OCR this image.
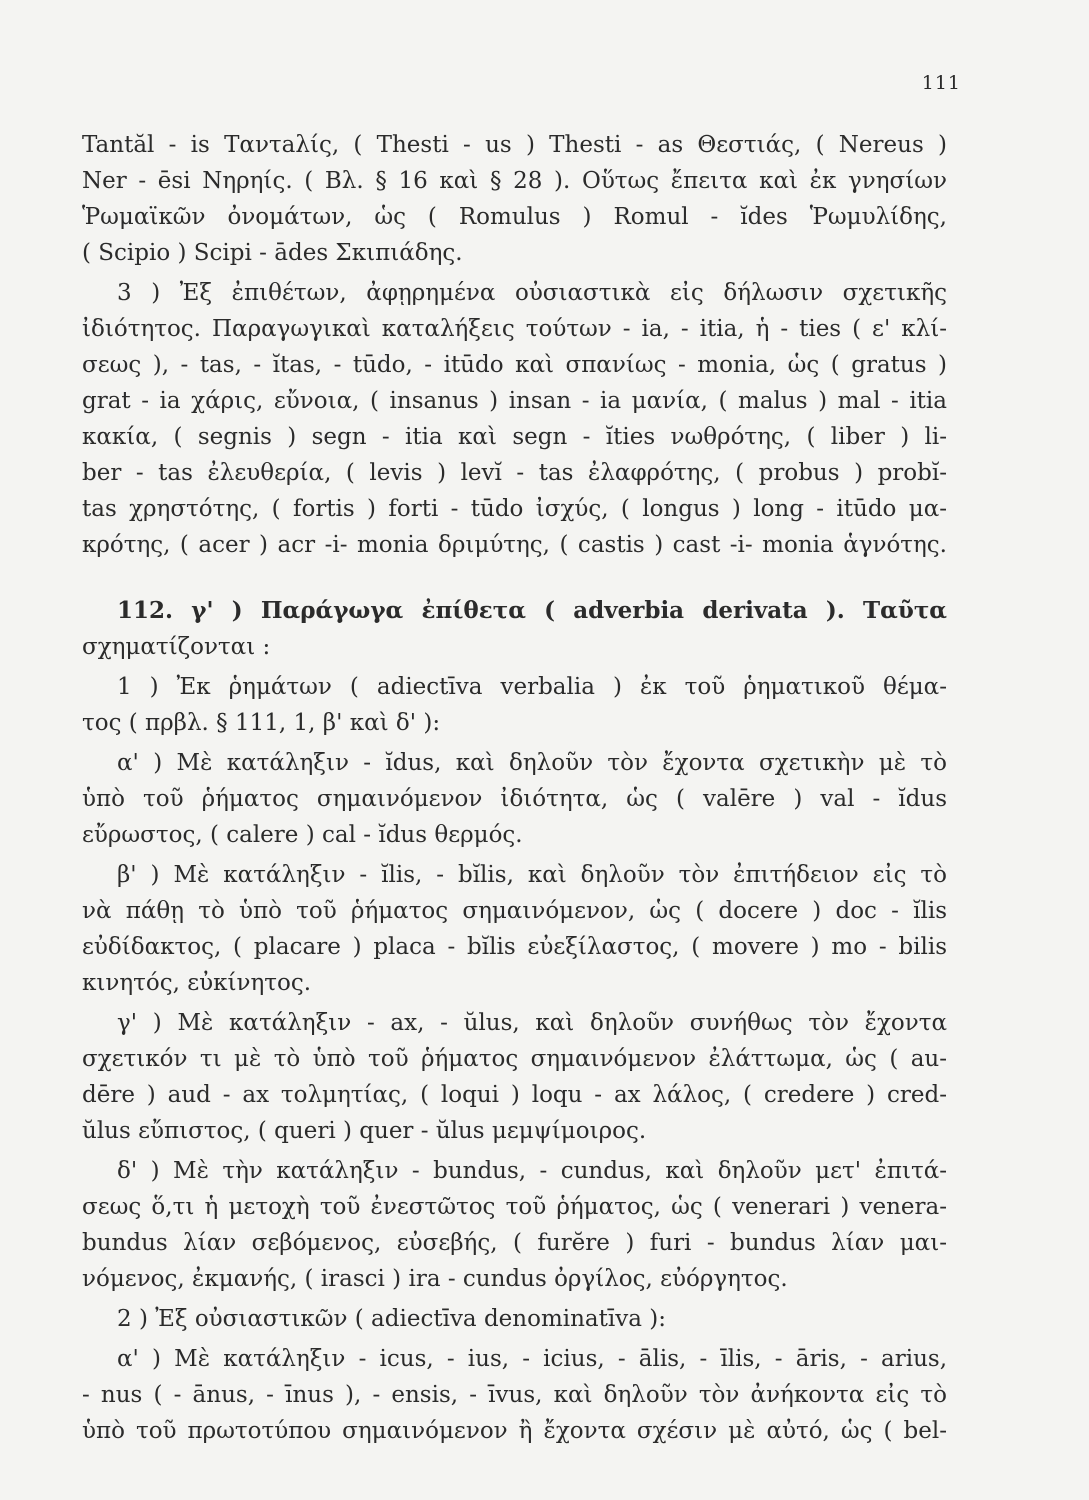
111
Tantăl - is Ταντaλίς, ( Thesti - us ) Thesti - as Θεστιάς, ( Nereus )
Ner - ēsi Νηρηίς. ( Βλ. § 16 καὶ § 28 ). Οὕτως ἔπειτα καὶ ἐκ γνησίων
Ῥωμαϊκῶν ὀνομάτων, ὡς ( Romulus ) Romul - ĭdes Ῥωμυλίδης,
( Scipio ) Scipi - ādes Σκιπιάδης.
3 ) Ἐξ ἐπιθέτων, ἀφῃρημένα οὐσιαστικὰ εἰς δήλωσιν σχετικῆς
ἰδιότητος. Παραγωγικαὶ καταλήξεις τούτων - ia, - itia, ἡ - ties ( ε' κλί-
σεως ), - tas, - ĭtas, - tūdo, - itūdo καὶ σπανίως - monia, ὡς ( gratus )
grat - ia χάρις, εὔνοια, ( insanus ) insan - ia μανία, ( malus ) mal - itia
κακία, ( segnis ) segn - itia καὶ segn - ĭties νωθρότης, ( liber ) li-
ber - tas ἐλευθερία, ( levis ) levĭ - tas ἐλαφρότης, ( probus ) probĭ-
tas χρηστότης, ( fortis ) forti - tūdo ἰσχύς, ( longus ) long - itūdo μα-
κρότης, ( acer ) acr -i- monia δριμύτης, ( castis ) cast -i- monia ἁγνότης.
112. γ' ) Παράγωγα ἐπίθετα ( adverbia derivata ). Ταῦτα
σχηματίζονται :
1 ) Ἐκ ῥημάτων ( adiectīva verbalia ) ἐκ τοῦ ῥηματικοῦ θέμα-
τος ( πρβλ. § 111, 1, β' καὶ δ' ):
α' ) Μὲ κατάληξιν - ĭdus, καὶ δηλοῦν τὸν ἔχοντα σχετικὴν μὲ τὸ
ὑπὸ τοῦ ῥήματος σημαινόμενον ἰδιότητα, ὡς ( valēre ) val - ĭdus
εὔρωστος, ( calere ) cal - ĭdus θερμός.
β' ) Μὲ κατάληξιν - ĭlis, - bĭlis, καὶ δηλοῦν τὸν ἐπιτήδειον εἰς τὸ
νὰ πάθῃ τὸ ὑπὸ τοῦ ῥήματος σημαινόμενον, ὡς ( docere ) doc - ĭlis
εὐδίδακτος, ( placare ) placa - bĭlis εὐεξίλαστος, ( movere ) mo - bilis
κινητός, εὐκίνητος.
γ' ) Μὲ κατάληξιν - ax, - ŭlus, καὶ δηλοῦν συνήθως τὸν ἔχοντα
σχετικόν τι μὲ τὸ ὑπὸ τοῦ ῥήματος σημαινόμενον ἐλάττωμα, ὡς ( au-
dēre ) aud - ax τολμητίας, ( loqui ) loqu - ax λάλος, ( credere ) cred-
ŭlus εὔπιστος, ( queri ) quer - ŭlus μεμψίμοιρος.
δ' ) Μὲ τὴν κατάληξιν - bundus, - cundus, καὶ δηλοῦν μετ' ἐπιτά-
σεως ὅ,τι ἡ μετοχὴ τοῦ ἐνεστῶτος τοῦ ῥήματος, ὡς ( venerari ) venera-
bundus λίαν σεβόμενος, εὐσεβής, ( furĕre ) furi - bundus λίαν μαι-
νόμενος, ἐκμανής, ( irasci ) ira - cundus ὀργίλος, εὐόργητος.
2 ) Ἐξ οὐσιαστικῶν ( adiectīva denominatīva ):
α' ) Μὲ κατάληξιν - icus, - ius, - icius, - ālis, - īlis, - āris, - arius,
- nus ( - ānus, - īnus ), - ensis, - īvus, καὶ δηλοῦν τὸν ἀνήκοντα εἰς τὸ
ὑπὸ τοῦ πρωτοτύπου σημαινόμενον ἢ ἔχοντα σχέσιν μὲ αὐτό, ὡς ( bel-
